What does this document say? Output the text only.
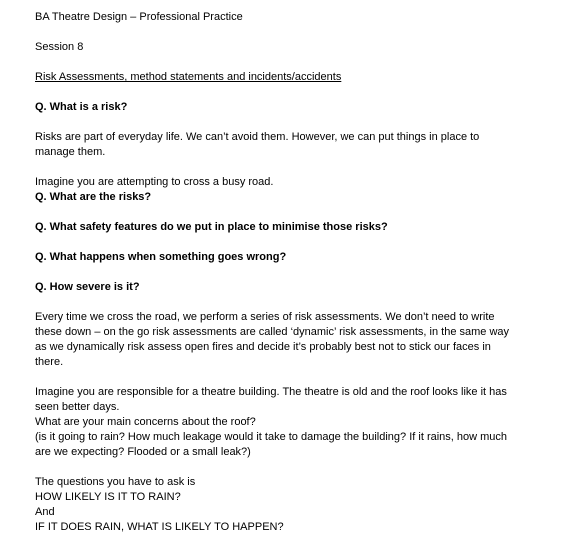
BA Theatre Design – Professional Practice

Session 8

Risk Assessments, method statements and incidents/accidents

Q. What is a risk?

Risks are part of everyday life. We can’t avoid them. However, we can put things in place to manage them.

Imagine you are attempting to cross a busy road.

Q. What are the risks?

Q. What safety features do we put in place to minimise those risks?

Q. What happens when something goes wrong?

Q. How severe is it?

Every time we cross the road, we perform a series of risk assessments. We don’t need to write these down – on the go risk assessments are called ‘dynamic’ risk assessments, in the same way as we dynamically risk assess open fires and decide it’s probably best not to stick our faces in there.

Imagine you are responsible for a theatre building. The theatre is old and the roof looks like it has seen better days.

What are your main concerns about the roof?

(is it going to rain? How much leakage would it take to damage the building? If it rains, how much are we expecting? Flooded or a small leak?)

The questions you have to ask is

HOW LIKELY IS IT TO RAIN?

And

IF IT DOES RAIN, WHAT IS LIKELY TO HAPPEN?
